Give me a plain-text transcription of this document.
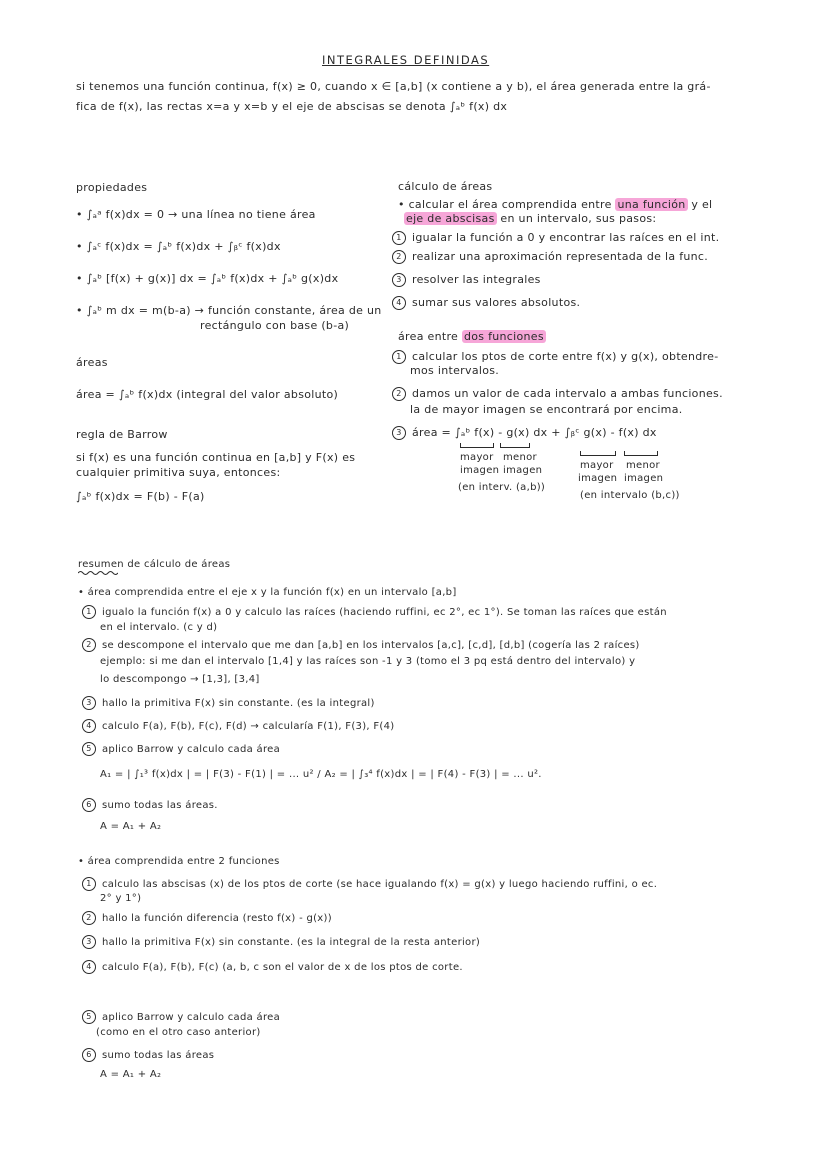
INTEGRALES DEFINIDAS
si tenemos una función continua, f(x) ≥ 0, cuando x ∈ [a,b] (x contiene a y b), el área generada entre la grá-
fica de f(x), las rectas x=a y x=b y el eje de abscisas se denota ∫ₐᵇ f(x) dx
propiedades
• ∫ₐᵃ f(x)dx = 0 → una línea no tiene área
• ∫ₐᶜ f(x)dx = ∫ₐᵇ f(x)dx + ∫ᵦᶜ f(x)dx
• ∫ₐᵇ [f(x) + g(x)] dx = ∫ₐᵇ f(x)dx + ∫ₐᵇ g(x)dx
• ∫ₐᵇ m dx = m(b-a) → función constante, área de un
rectángulo con base (b-a)
áreas
área = ∫ₐᵇ f(x)dx (integral del valor absoluto)
regla de Barrow
si f(x) es una función continua en [a,b] y F(x) es
cualquier primitiva suya, entonces:
∫ₐᵇ f(x)dx = F(b) - F(a)
cálculo de áreas
• calcular el área comprendida entre una función y el
eje de abscisas en un intervalo, sus pasos:
1 igualar la función a 0 y encontrar las raíces en el int.
2 realizar una aproximación representada de la func.
3 resolver las integrales
4 sumar sus valores absolutos.
área entre dos funciones
1 calcular los ptos de corte entre f(x) y g(x), obtendre-
mos intervalos.
2 damos un valor de cada intervalo a ambas funciones.
la de mayor imagen se encontrará por encima.
3 área = ∫ₐᵇ f(x) - g(x) dx + ∫ᵦᶜ g(x) - f(x) dx
mayor menor
imagen imagen
(en interv. (a,b))
mayor menor
imagen imagen
(en intervalo (b,c))
resumen de cálculo de áreas
• área comprendida entre el eje x y la función f(x) en un intervalo [a,b]
1 igualo la función f(x) a 0 y calculo las raíces (haciendo ruffini, ec 2°, ec 1°). Se toman las raíces que están
en el intervalo. (c y d)
2 se descompone el intervalo que me dan [a,b] en los intervalos [a,c], [c,d], [d,b] (cogería las 2 raíces)
ejemplo: si me dan el intervalo [1,4] y las raíces son -1 y 3 (tomo el 3 pq está dentro del intervalo) y
lo descompongo → [1,3], [3,4]
3 hallo la primitiva F(x) sin constante. (es la integral)
4 calculo F(a), F(b), F(c), F(d) → calcularía F(1), F(3), F(4)
5 aplico Barrow y calculo cada área
A₁ = | ∫₁³ f(x)dx | = | F(3) - F(1) | = ... u² / A₂ = | ∫₃⁴ f(x)dx | = | F(4) - F(3) | = ... u².
6 sumo todas las áreas.
A = A₁ + A₂
• área comprendida entre 2 funciones
1 calculo las abscisas (x) de los ptos de corte (se hace igualando f(x) = g(x) y luego haciendo ruffini, o ec.
2° y 1°)
2 hallo la función diferencia (resto f(x) - g(x))
3 hallo la primitiva F(x) sin constante. (es la integral de la resta anterior)
4 calculo F(a), F(b), F(c) (a, b, c son el valor de x de los ptos de corte.
5 aplico Barrow y calculo cada área
(como en el otro caso anterior)
6 sumo todas las áreas
A = A₁ + A₂
